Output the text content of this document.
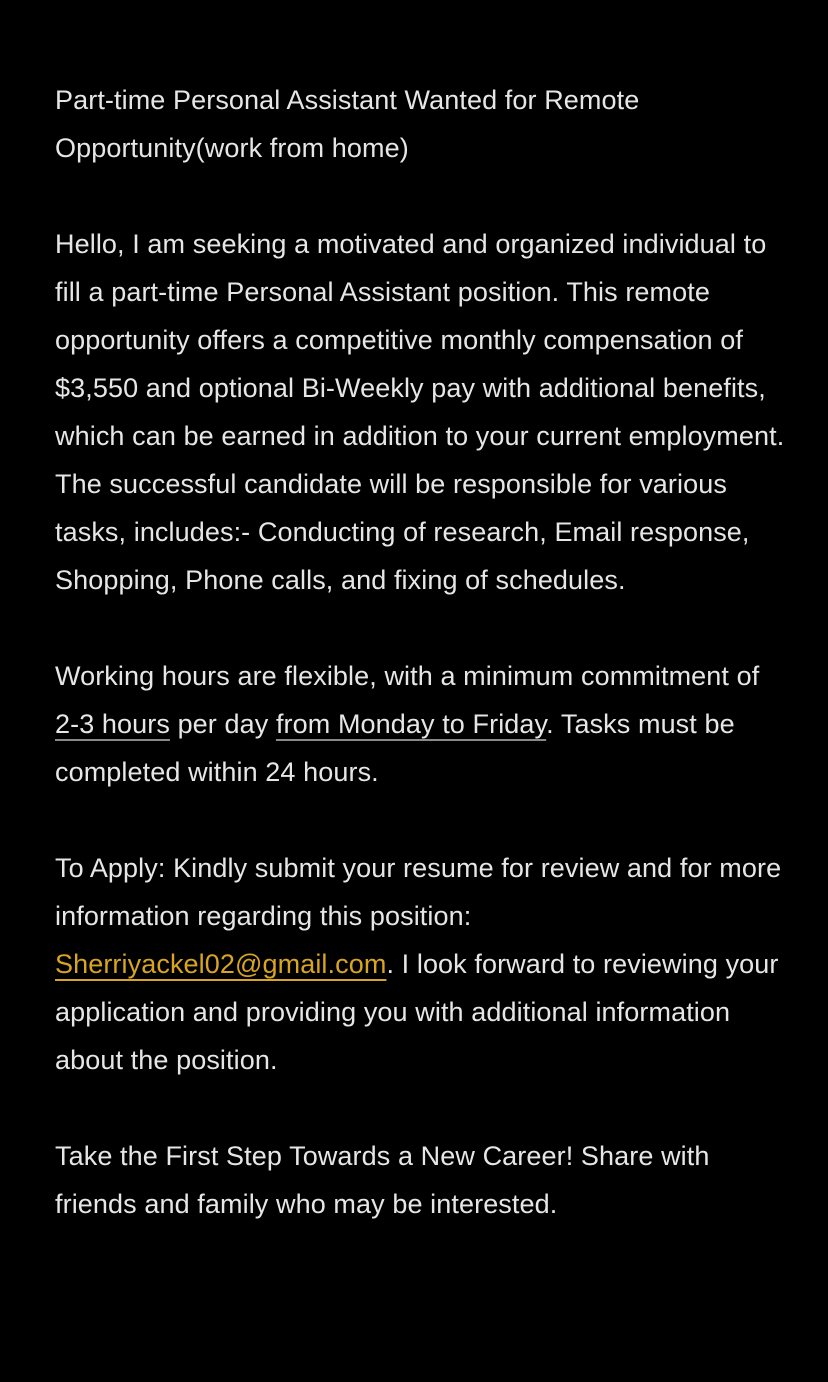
Part-time Personal Assistant Wanted for Remote Opportunity(work from home)

Hello, I am seeking a motivated and organized individual to fill a part-time Personal Assistant position. This remote opportunity offers a competitive monthly compensation of $3,550 and optional Bi-Weekly pay with additional benefits, which can be earned in addition to your current employment. The successful candidate will be responsible for various tasks, includes:- Conducting of research, Email response, Shopping, Phone calls, and fixing of schedules.

Working hours are flexible, with a minimum commitment of 2-3 hours per day from Monday to Friday. Tasks must be completed within 24 hours.

To Apply: Kindly submit your resume for review and for more information regarding this position: Sherriyackel02@gmail.com. I look forward to reviewing your application and providing you with additional information about the position.

Take the First Step Towards a New Career! Share with friends and family who may be interested.
